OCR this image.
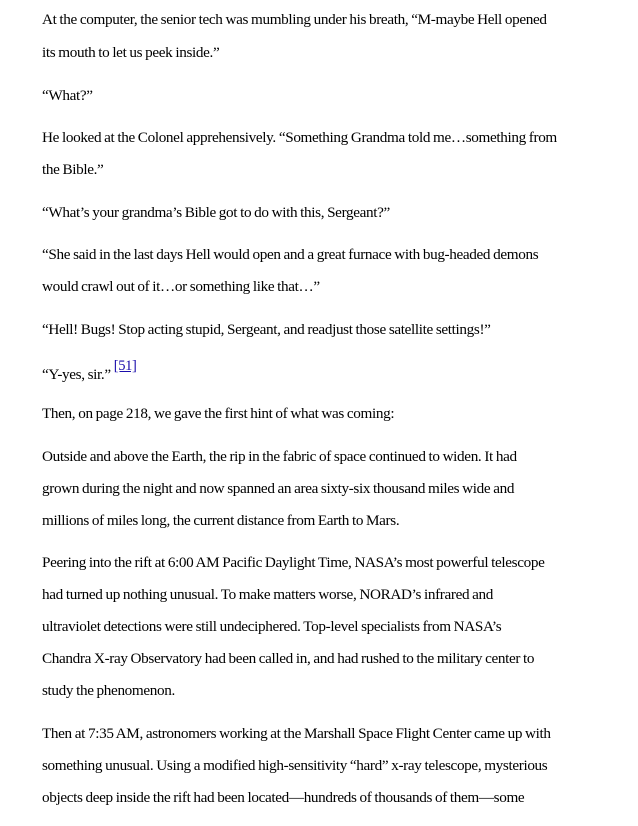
At the computer, the senior tech was mumbling under his breath, “M-maybe Hell opened
its mouth to let us peek inside.”
“What?”
He looked at the Colonel apprehensively. “Something Grandma told me…something from
the Bible.”
“What’s your grandma’s Bible got to do with this, Sergeant?”
“She said in the last days Hell would open and a great furnace with bug-headed demons
would crawl out of it…or something like that…”
“Hell! Bugs! Stop acting stupid, Sergeant, and readjust those satellite settings!”
“Y-yes, sir.” [51]
Then, on page 218, we gave the first hint of what was coming:
Outside and above the Earth, the rip in the fabric of space continued to widen. It had
grown during the night and now spanned an area sixty-six thousand miles wide and
millions of miles long, the current distance from Earth to Mars.
Peering into the rift at 6:00 AM Pacific Daylight Time, NASA’s most powerful telescope
had turned up nothing unusual. To make matters worse, NORAD’s infrared and
ultraviolet detections were still undeciphered. Top-level specialists from NASA’s
Chandra X-ray Observatory had been called in, and had rushed to the military center to
study the phenomenon.
Then at 7:35 AM, astronomers working at the Marshall Space Flight Center came up with
something unusual. Using a modified high-sensitivity “hard” x-ray telescope, mysterious
objects deep inside the rift had been located—hundreds of thousands of them—some
